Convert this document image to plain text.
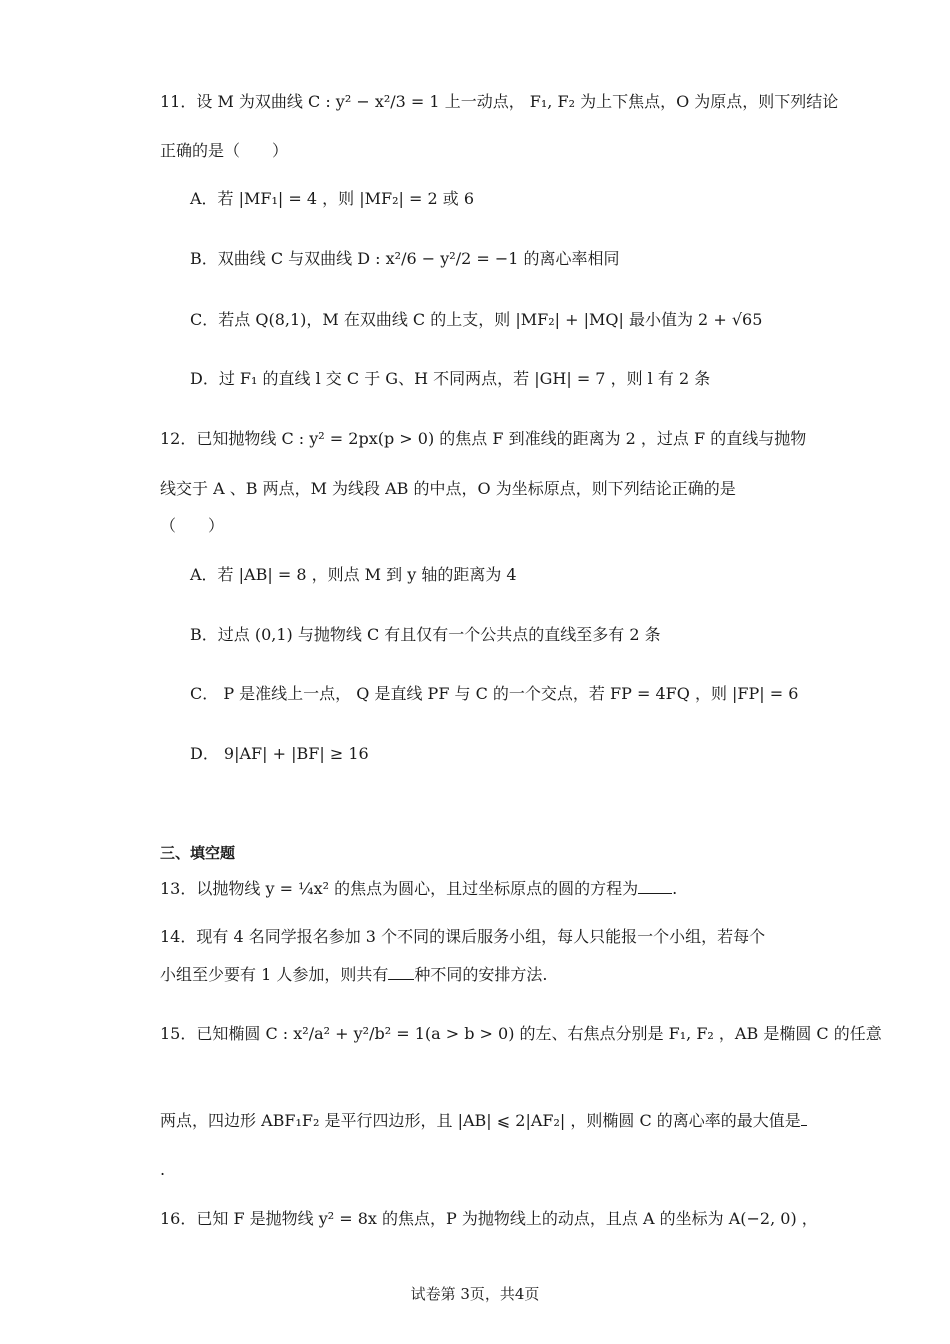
11．设 M 为双曲线 C : y² − x²/3 = 1 上一动点， F₁, F₂ 为上下焦点，O 为原点，则下列结论
正确的是（　　）
A．若 |MF₁| = 4 ，则 |MF₂| = 2 或 6
B．双曲线 C 与双曲线 D : x²/6 − y²/2 = −1 的离心率相同
C．若点 Q(8,1)，M 在双曲线 C 的上支，则 |MF₂| + |MQ| 最小值为 2 + √65
D．过 F₁ 的直线 l 交 C 于 G、H 不同两点，若 |GH| = 7 ，则 l 有 2 条
12．已知抛物线 C : y² = 2px(p > 0) 的焦点 F 到准线的距离为 2 ，过点 F 的直线与抛物
线交于 A 、B 两点，M 为线段 AB 的中点，O 为坐标原点，则下列结论正确的是
（　　）
A．若 |AB| = 8 ，则点 M 到 y 轴的距离为 4
B．过点 (0,1) 与抛物线 C 有且仅有一个公共点的直线至多有 2 条
C． P 是准线上一点， Q 是直线 PF 与 C 的一个交点，若 FP = 4FQ ，则 |FP| = 6
D． 9|AF| + |BF| ≥ 16
三、填空题
13．以抛物线 y = ¼x² 的焦点为圆心，且过坐标原点的圆的方程为 .
14．现有 4 名同学报名参加 3 个不同的课后服务小组，每人只能报一个小组，若每个
小组至少要有 1 人参加，则共有 种不同的安排方法.
15．已知椭圆 C : x²/a² + y²/b² = 1(a > b > 0) 的左、右焦点分别是 F₁, F₂ ，AB 是椭圆 C 的任意
两点，四边形 ABF₁F₂ 是平行四边形，且 |AB| ⩽ 2|AF₂| ，则椭圆 C 的离心率的最大值是
.
16．已知 F 是抛物线 y² = 8x 的焦点，P 为抛物线上的动点，且点 A 的坐标为 A(−2, 0) ，
试卷第 3页，共4页
